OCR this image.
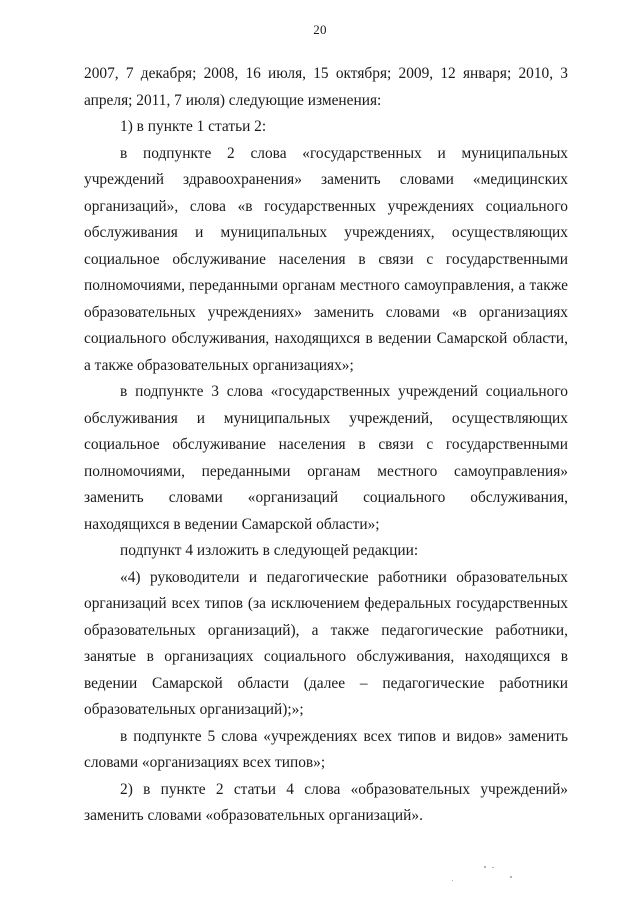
20

2007, 7 декабря; 2008, 16 июля, 15 октября; 2009, 12 января; 2010, 3 апреля; 2011, 7 июля) следующие изменения:

1) в пункте 1 статьи 2:

в подпункте 2 слова «государственных и муниципальных учреждений здравоохранения» заменить словами «медицинских организаций», слова «в государственных учреждениях социального обслуживания и муниципальных учреждениях, осуществляющих социальное обслуживание населения в связи с государственными полномочиями, переданными органам местного самоуправления, а также образовательных учреждениях» заменить словами «в организациях социального обслуживания, находящихся в ведении Самарской области, а также образовательных организациях»;

в подпункте 3 слова «государственных учреждений социального обслуживания и муниципальных учреждений, осуществляющих социальное обслуживание населения в связи с государственными полномочиями, переданными органам местного самоуправления» заменить словами «организаций социального обслуживания, находящихся в ведении Самарской области»;

подпункт 4 изложить в следующей редакции:

«4) руководители и педагогические работники образовательных организаций всех типов (за исключением федеральных государственных образовательных организаций), а также педагогические работники, занятые в организациях социального обслуживания, находящихся в ведении Самарской области (далее – педагогические работники образовательных организаций);»;

в подпункте 5 слова «учреждениях всех типов и видов» заменить словами «организациях всех типов»;

2) в пункте 2 статьи 4 слова «образовательных учреждений» заменить словами «образовательных организаций».
